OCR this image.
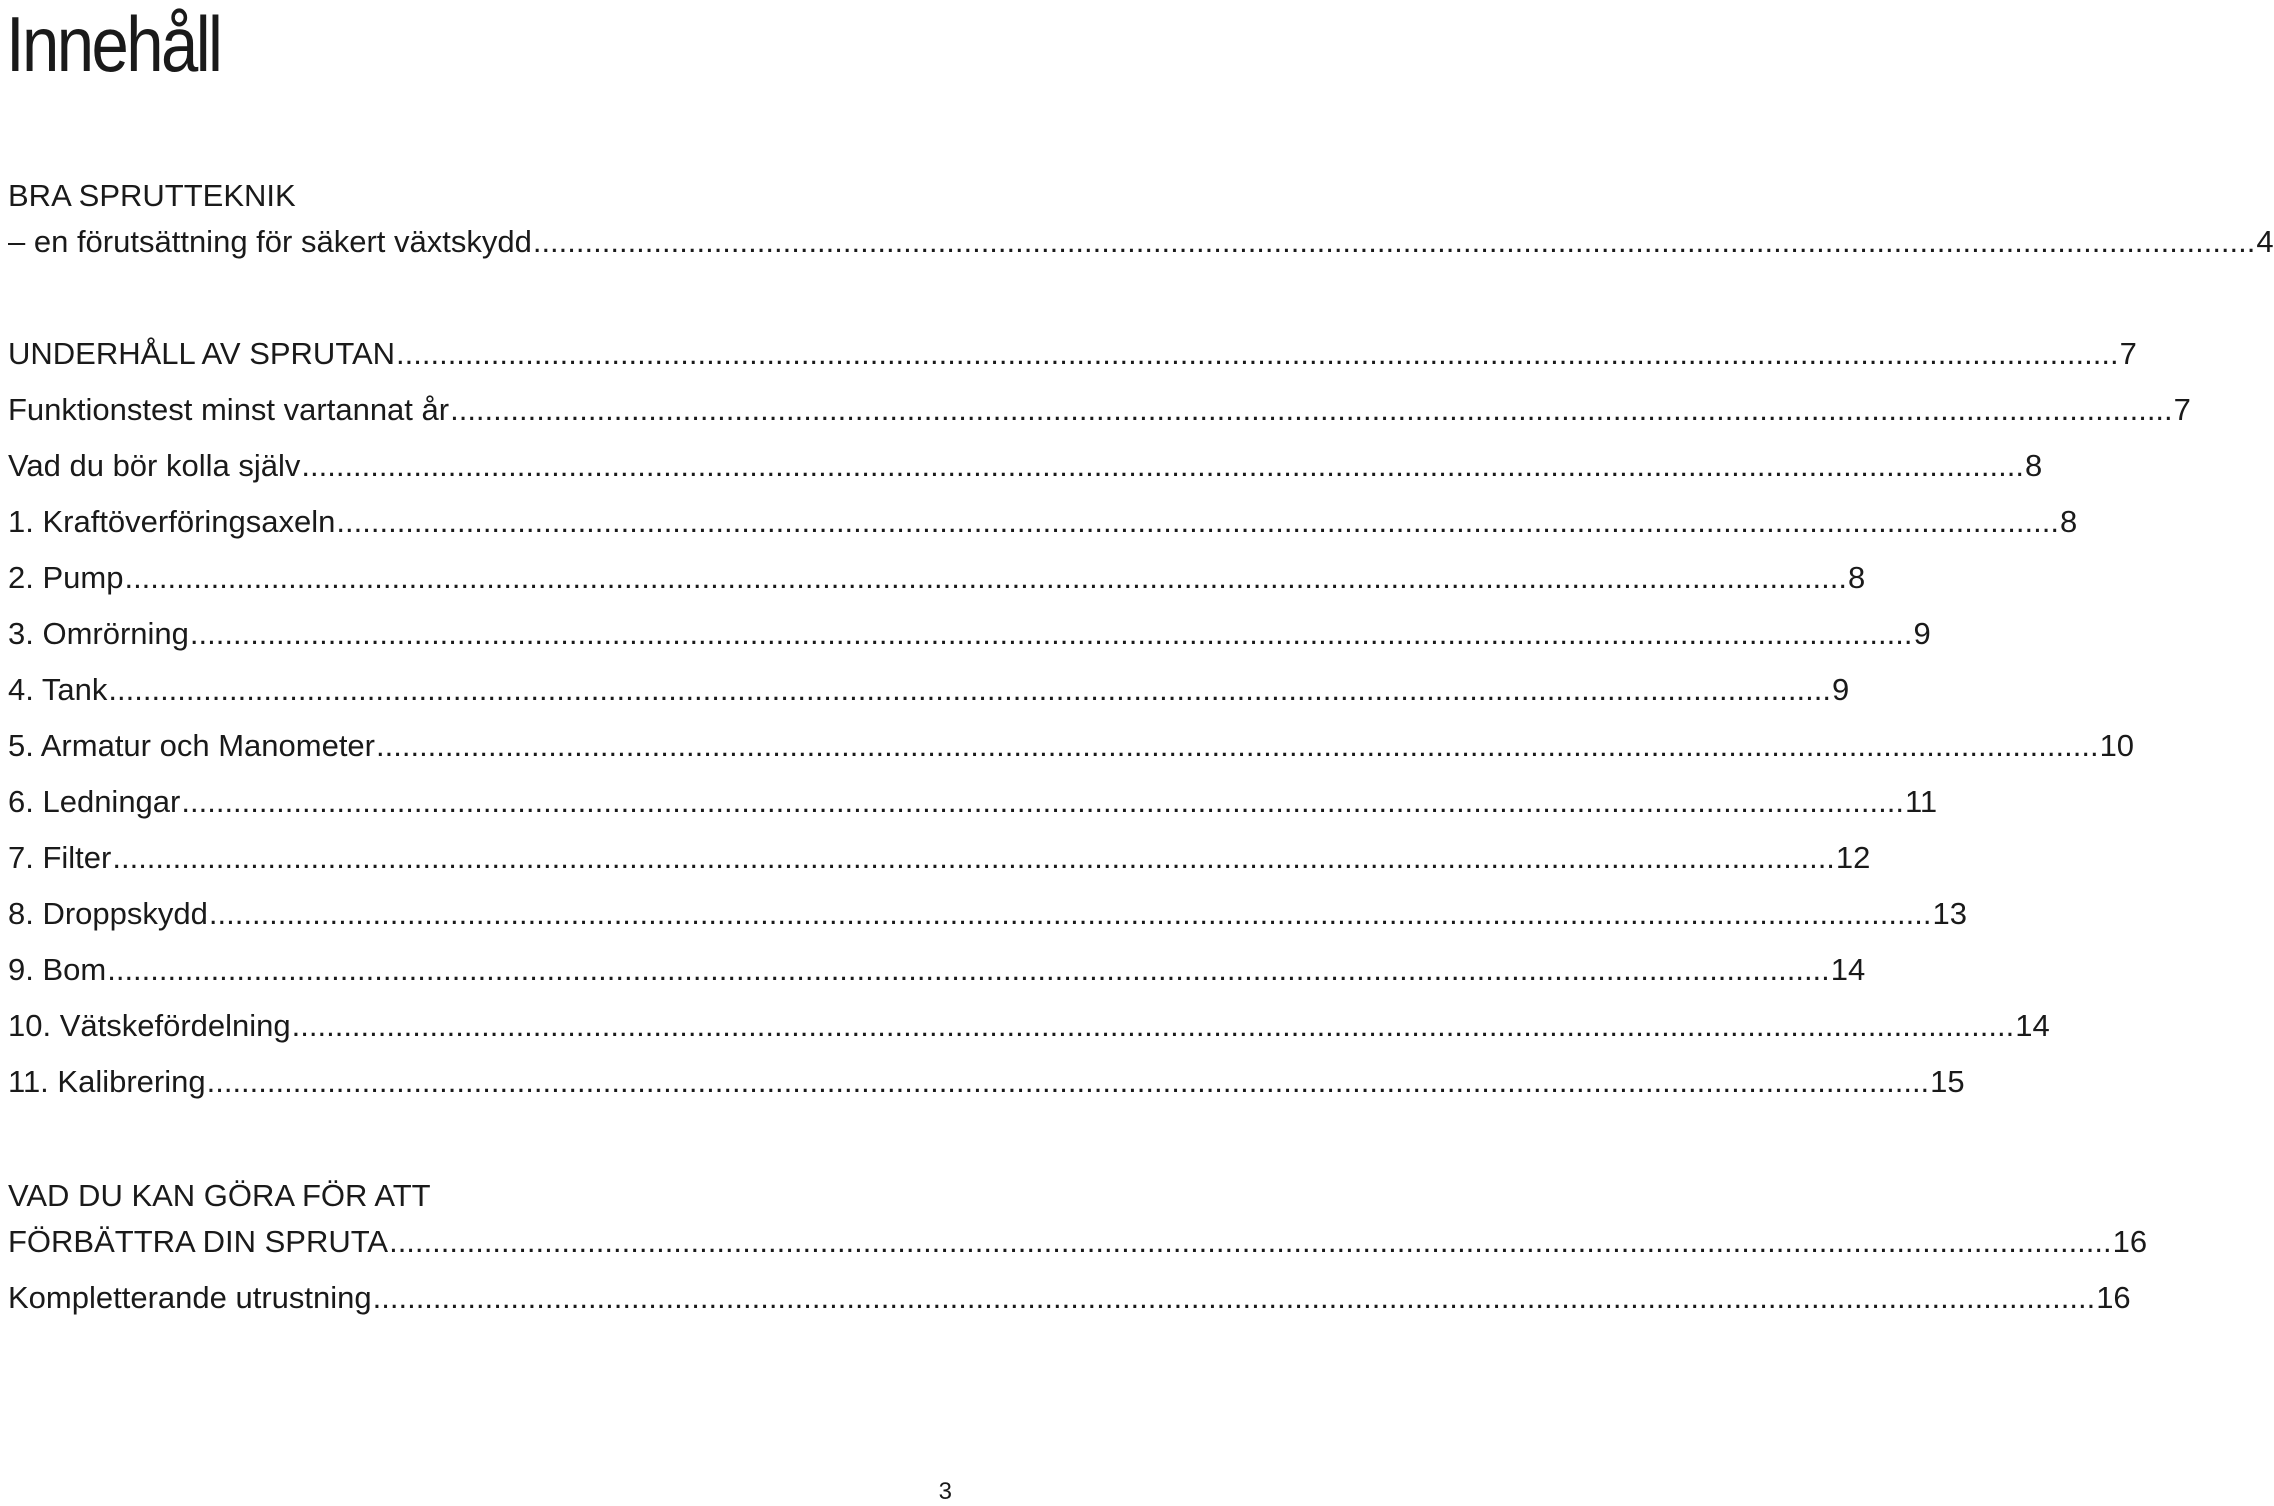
Innehåll
BRA SPRUTTEKNIK
– en förutsättning för säkert växtskydd ........................................................................................................................................................................................................ 4
UNDERHÅLL AV SPRUTAN ........................................................................................................................................................................................................ 7
Funktionstest minst vartannat år ........................................................................................................................................................................................................ 7
Vad du bör kolla själv ........................................................................................................................................................................................................ 8
1. Kraftöverföringsaxeln ........................................................................................................................................................................................................ 8
2. Pump ........................................................................................................................................................................................................ 8
3. Omrörning ........................................................................................................................................................................................................ 9
4. Tank ........................................................................................................................................................................................................ 9
5. Armatur och Manometer ........................................................................................................................................................................................................ 10
6. Ledningar ........................................................................................................................................................................................................ 11
7. Filter ........................................................................................................................................................................................................ 12
8. Droppskydd ........................................................................................................................................................................................................ 13
9. Bom ........................................................................................................................................................................................................ 14
10. Vätskefördelning ........................................................................................................................................................................................................ 14
11. Kalibrering ........................................................................................................................................................................................................ 15
VAD DU KAN GÖRA FÖR ATT
FÖRBÄTTRA DIN SPRUTA ........................................................................................................................................................................................................ 16
Kompletterande utrustning ........................................................................................................................................................................................................ 16
3
